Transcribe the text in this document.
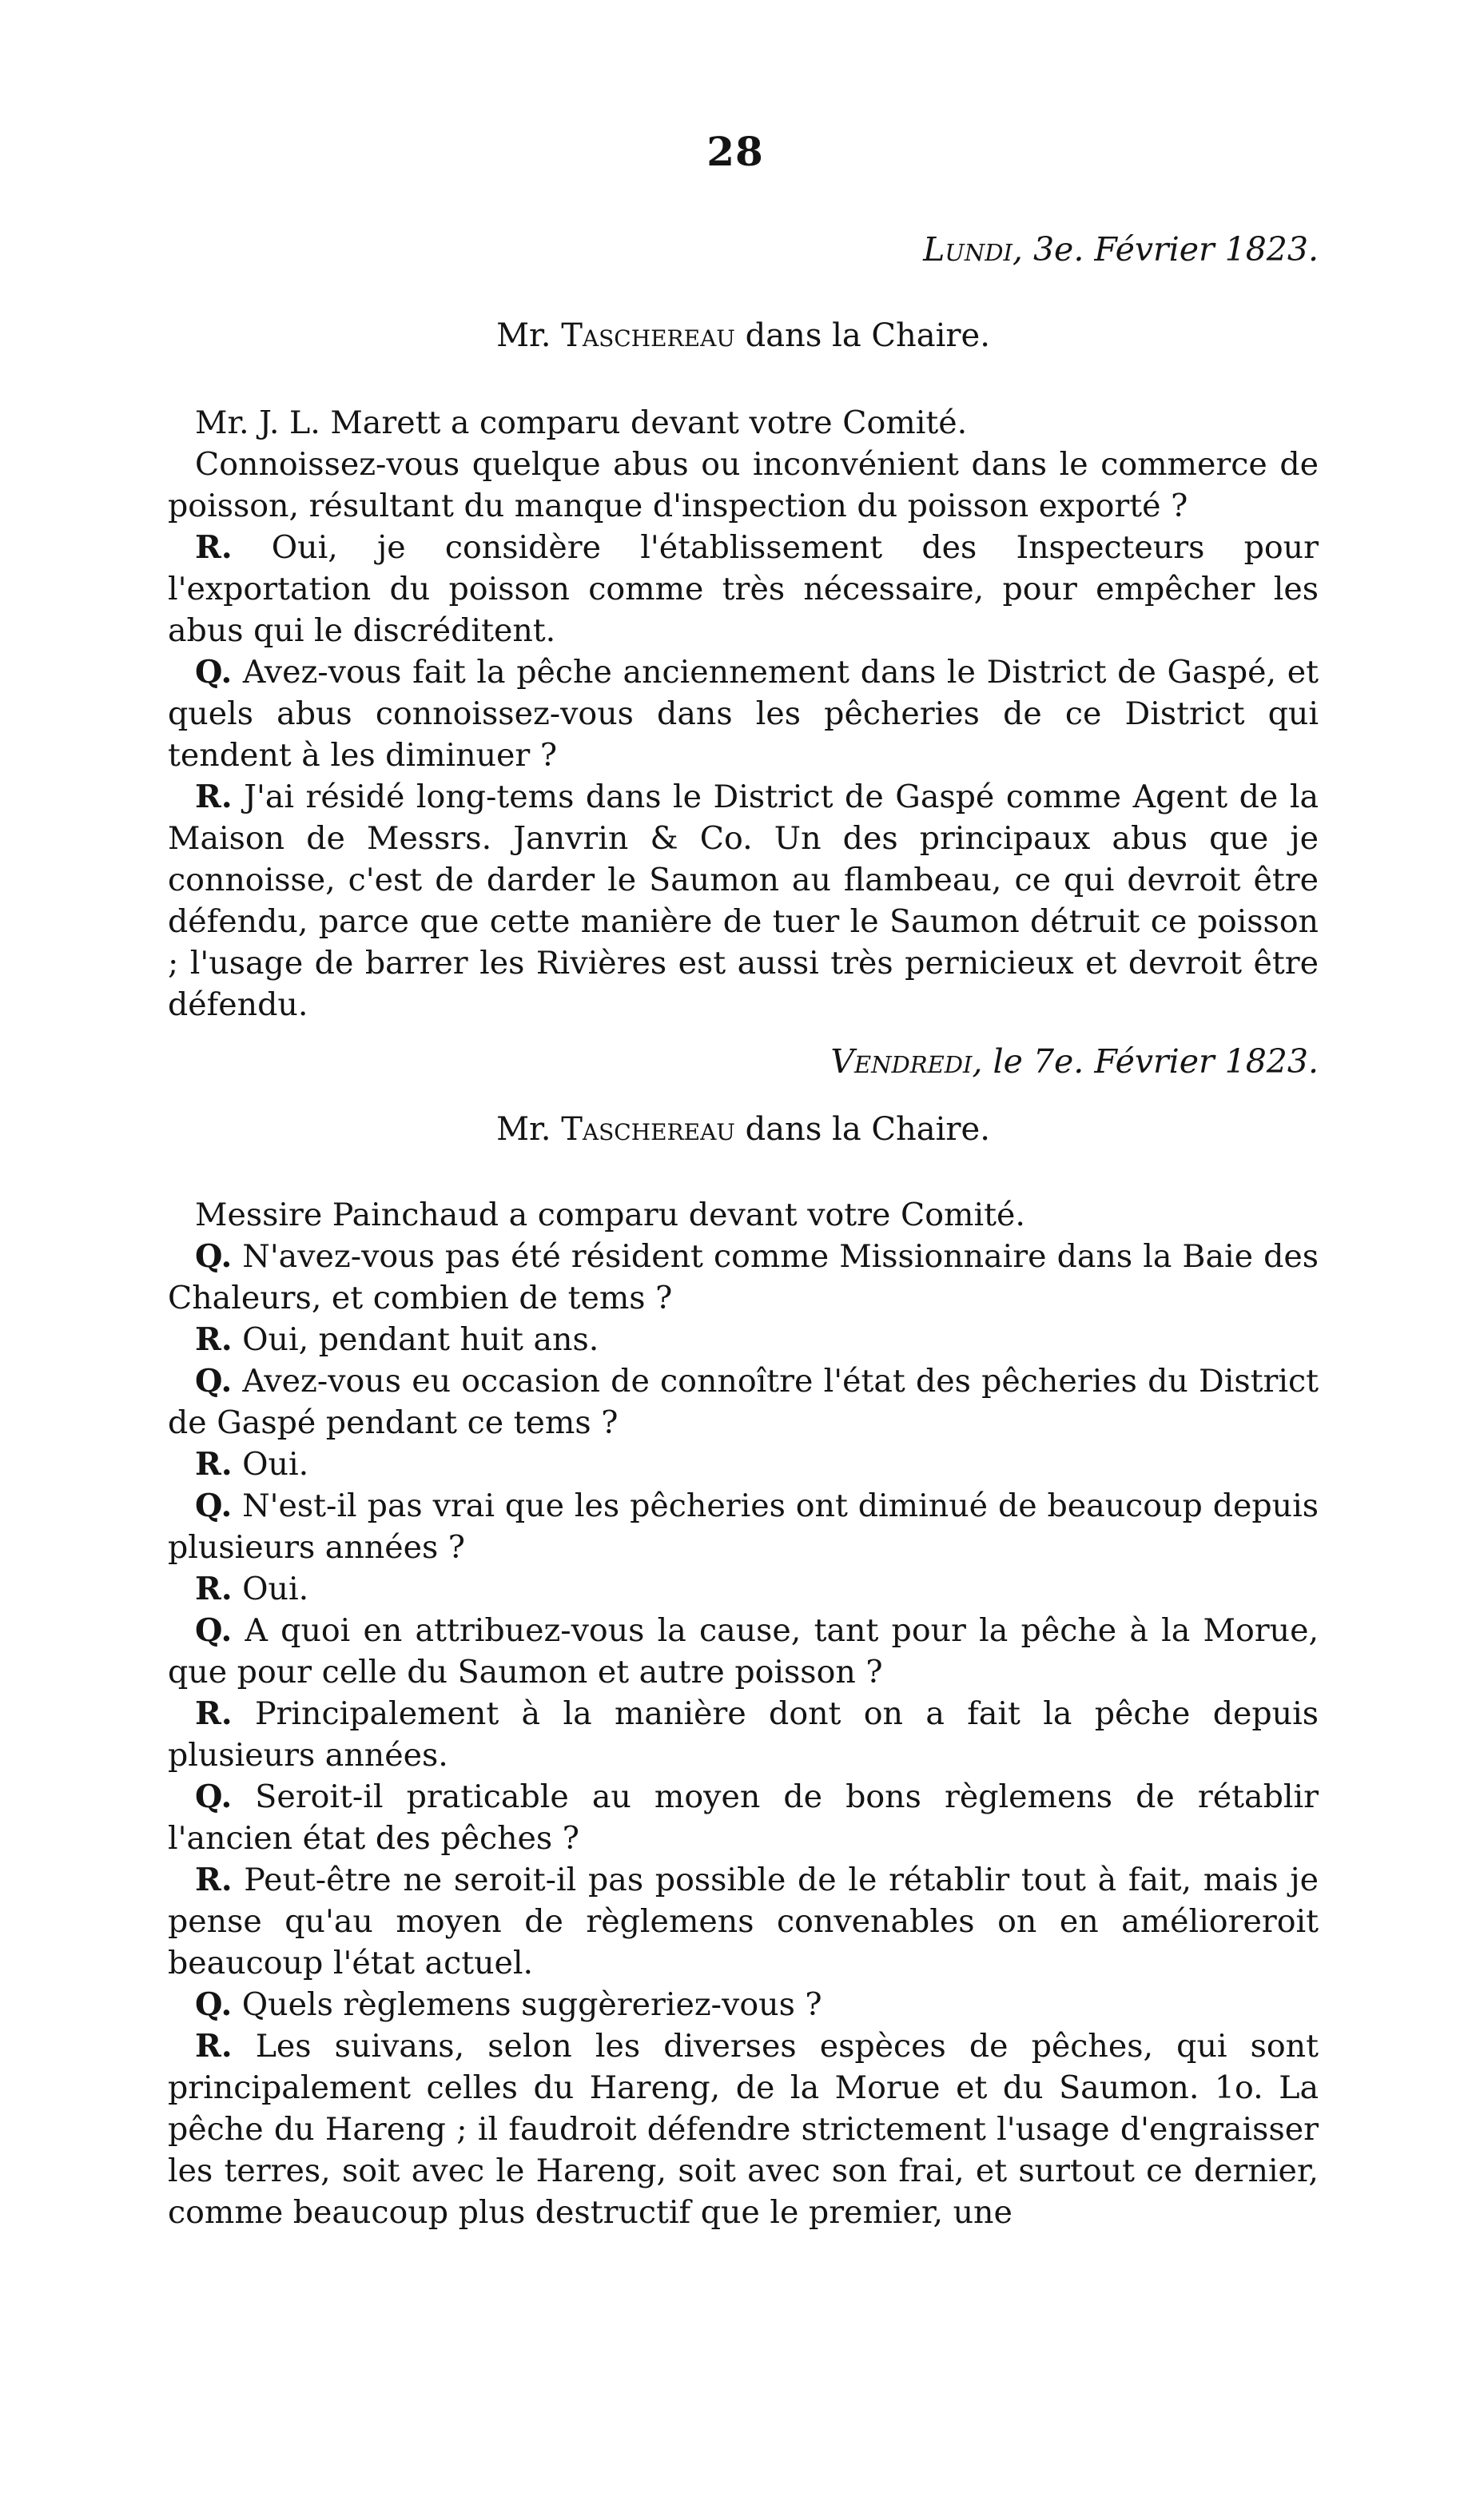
28
Lundi, 3e. Février 1823.
Mr. Taschereau dans la Chaire.

Mr. J. L. Marett a comparu devant votre Comité.

Connoissez-vous quelque abus ou inconvénient dans le commerce de poisson, résultant du manque d'inspection du poisson exporté ?

R. Oui, je considère l'établissement des Inspecteurs pour l'exportation du poisson comme très nécessaire, pour empêcher les abus qui le discréditent.

Q. Avez-vous fait la pêche anciennement dans le District de Gaspé, et quels abus connoissez-vous dans les pêcheries de ce District qui tendent à les diminuer ?

R. J'ai résidé long-tems dans le District de Gaspé comme Agent de la Maison de Messrs. Janvrin & Co. Un des principaux abus que je connoisse, c'est de darder le Saumon au flambeau, ce qui devroit être défendu, parce que cette manière de tuer le Saumon détruit ce poisson ; l'usage de barrer les Rivières est aussi très pernicieux et devroit être défendu.

Vendredi, le 7e. Février 1823.
Mr. Taschereau dans la Chaire.

Messire Painchaud a comparu devant votre Comité.

Q. N'avez-vous pas été résident comme Missionnaire dans la Baie des Chaleurs, et combien de tems ?

R. Oui, pendant huit ans.

Q. Avez-vous eu occasion de connoître l'état des pêcheries du District de Gaspé pendant ce tems ?

R. Oui.

Q. N'est-il pas vrai que les pêcheries ont diminué de beaucoup depuis plusieurs années ?

R. Oui.

Q. A quoi en attribuez-vous la cause, tant pour la pêche à la Morue, que pour celle du Saumon et autre poisson ?

R. Principalement à la manière dont on a fait la pêche depuis plusieurs années.

Q. Seroit-il praticable au moyen de bons règlemens de rétablir l'ancien état des pêches ?

R. Peut-être ne seroit-il pas possible de le rétablir tout à fait, mais je pense qu'au moyen de règlemens convenables on en amélioreroit beaucoup l'état actuel.

Q. Quels règlemens suggèreriez-vous ?

R. Les suivans, selon les diverses espèces de pêches, qui sont principalement celles du Hareng, de la Morue et du Saumon. 1o. La pêche du Hareng ; il faudroit défendre strictement l'usage d'engraisser les terres, soit avec le Hareng, soit avec son frai, et surtout ce dernier, comme beaucoup plus destructif que le premier, une
